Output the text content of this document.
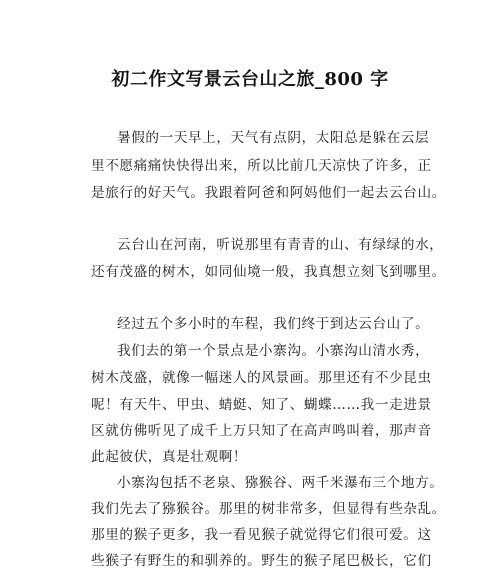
初二作文写景云台山之旅_800 字
暑假的一天早上，天气有点阴，太阳总是躲在云层
里不愿痛痛快快得出来，所以比前几天凉快了许多，正
是旅行的好天气。我跟着阿爸和阿妈他们一起去云台山。
云台山在河南，听说那里有青青的山、有绿绿的水，
还有茂盛的树木，如同仙境一般，我真想立刻飞到哪里。
经过五个多小时的车程，我们终于到达云台山了。
我们去的第一个景点是小寨沟。小寨沟山清水秀，
树木茂盛，就像一幅迷人的风景画。那里还有不少昆虫
呢！有天牛、甲虫、蜻蜓、知了、蝴蝶……我一走进景
区就仿佛听见了成千上万只知了在高声鸣叫着，那声音
此起彼伏，真是壮观啊！
小寨沟包括不老泉、猕猴谷、两千米瀑布三个地方。
我们先去了猕猴谷。那里的树非常多，但显得有些杂乱。
那里的猴子更多，我一看见猴子就觉得它们很可爱。这
些猴子有野生的和驯养的。野生的猴子尾巴极长，它们
